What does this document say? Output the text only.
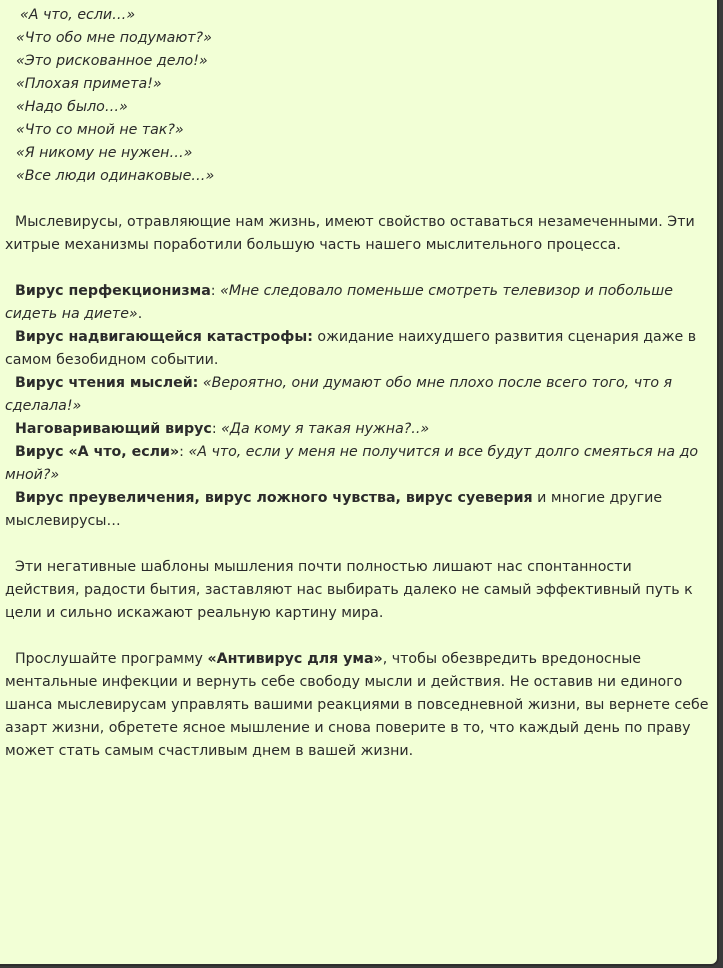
«А что, если…»
«Что обо мне подумают?»
«Это рискованное дело!»
«Плохая примета!»
«Надо было…»
«Что со мной не так?»
«Я никому не нужен…»
«Все люди одинаковые…»

Мыслевирусы, отравляющие нам жизнь, имеют свойство оставаться незамеченными. Эти хитрые механизмы поработили большую часть нашего мыслительного процесса.

Вирус перфекционизма: «Мне следовало поменьше смотреть телевизор и побольше сидеть на диете».

Вирус надвигающейся катастрофы: ожидание наихудшего развития сценария даже в самом безобидном событии.

Вирус чтения мыслей: «Вероятно, они думают обо мне плохо после всего того, что я сделала!»

Наговаривающий вирус: «Да кому я такая нужна?..»

Вирус «А что, если»: «А что, если у меня не получится и все будут долго смеяться на до мной?»

Вирус преувеличения, вирус ложного чувства, вирус суеверия и многие другие мыслевирусы…

Эти негативные шаблоны мышления почти полностью лишают нас спонтанности действия, радости бытия, заставляют нас выбирать далеко не самый эффективный путь к цели и сильно искажают реальную картину мира.

Прослушайте программу «Антивирус для ума», чтобы обезвредить вредоносные ментальные инфекции и вернуть себе свободу мысли и действия. Не оставив ни единого шанса мыслевирусам управлять вашими реакциями в повседневной жизни, вы вернете себе азарт жизни, обретете ясное мышление и снова поверите в то, что каждый день по праву может стать самым счастливым днем в вашей жизни.
